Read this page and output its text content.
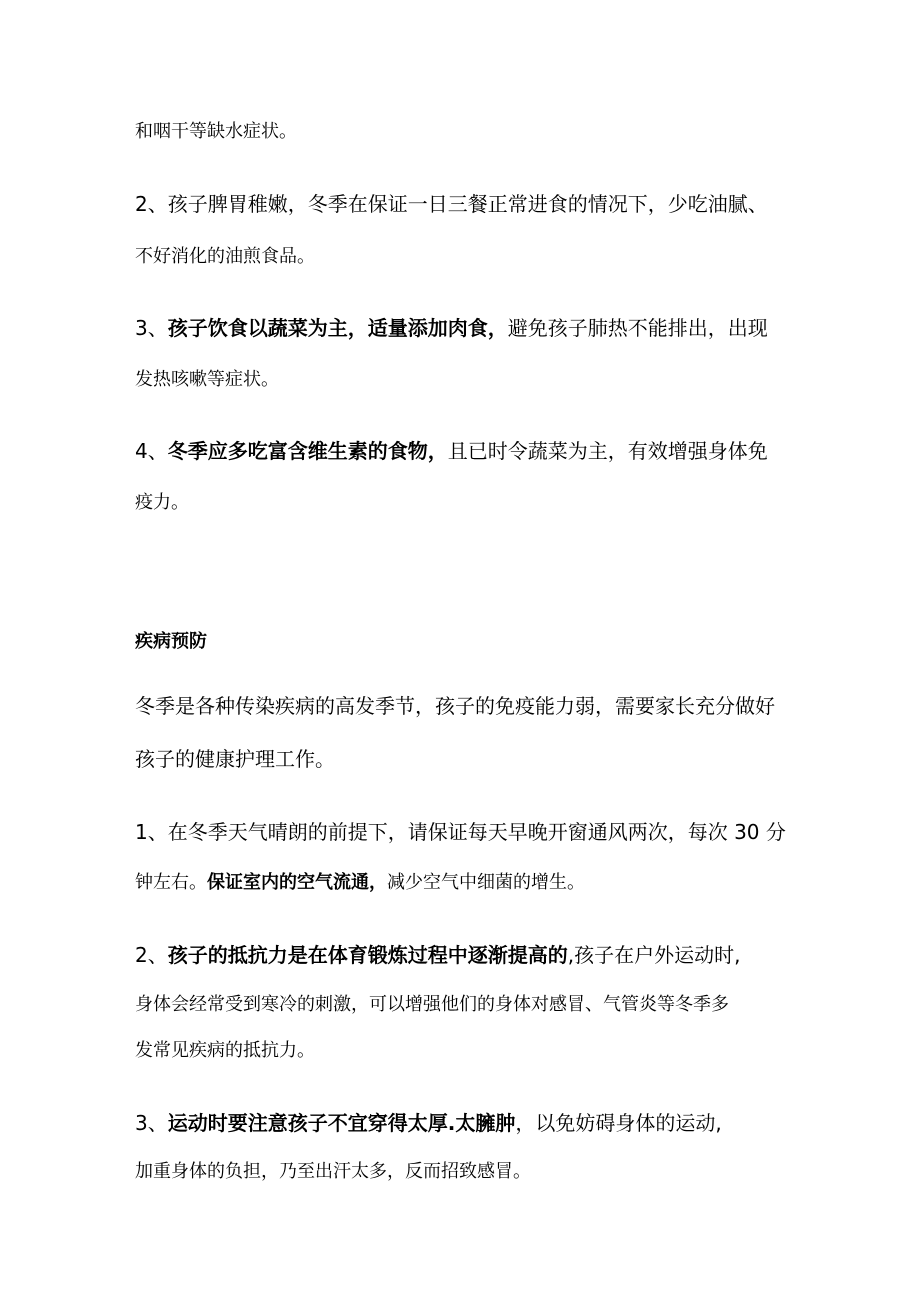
和咽干等缺水症状。
2、孩子脾胃稚嫩，冬季在保证一日三餐正常进食的情况下，少吃油腻、
不好消化的油煎食品。
3、孩子饮食以蔬菜为主，适量添加肉食，避免孩子肺热不能排出，出现
发热咳嗽等症状。
4、冬季应多吃富含维生素的食物，且已时令蔬菜为主，有效增强身体免
疫力。
疾病预防
冬季是各种传染疾病的高发季节，孩子的免疫能力弱，需要家长充分做好
孩子的健康护理工作。
1、在冬季天气晴朗的前提下，请保证每天早晚开窗通风两次，每次 30 分
钟左右。保证室内的空气流通，减少空气中细菌的增生。
2、孩子的抵抗力是在体育锻炼过程中逐渐提高的,孩子在户外运动时,
身体会经常受到寒冷的刺激，可以增强他们的身体对感冒、气管炎等冬季多
发常见疾病的抵抗力。
3、运动时要注意孩子不宜穿得太厚.太臃肿，以免妨碍身体的运动,
加重身体的负担，乃至出汗太多，反而招致感冒。
